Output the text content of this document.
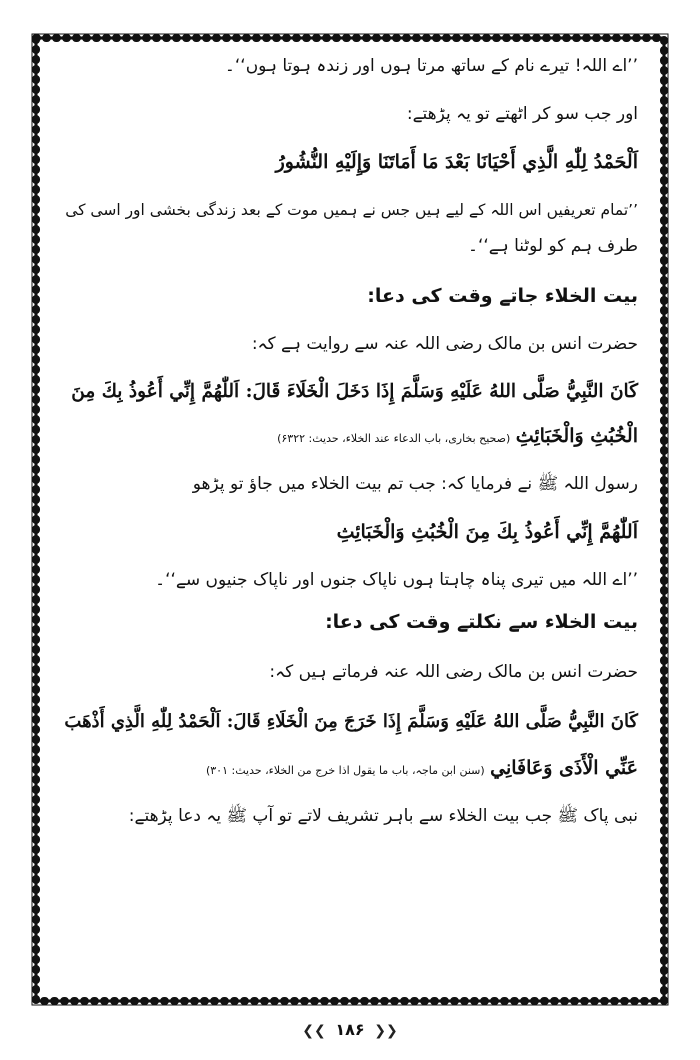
’’اے اللہ! تیرے نام کے ساتھ مرتا ہوں اور زندہ ہوتا ہوں‘‘۔
اور جب سو کر اٹھتے تو یہ پڑھتے:
اَلْحَمْدُ لِلّٰهِ الَّذِي أَحْيَانَا بَعْدَ مَا أَمَاتَنَا وَإِلَيْهِ النُّشُورُ
’’تمام تعریفیں اس اللہ کے لیے ہیں جس نے ہمیں موت کے بعد زندگی بخشی اور اسی کی
طرف ہم کو لوٹنا ہے‘‘۔
بیت الخلاء جاتے وقت کی دعا:
حضرت انس بن مالک رضی اللہ عنہ سے روایت ہے کہ:
كَانَ النَّبِيُّ صَلَّى اللهُ عَلَيْهِ وَسَلَّمَ إِذَا دَخَلَ الْخَلَاءَ قَالَ: اَللّٰهُمَّ إِنِّي أَعُوذُ بِكَ مِنَ
الْخُبُثِ وَالْخَبَائِثِ (صحیح بخاری، باب الدعاء عند الخلاء، حدیث: ۶۳۲۲)
رسول اللہ ﷺ نے فرمایا کہ: جب تم بیت الخلاء میں جاؤ تو پڑھو
اَللّٰهُمَّ إِنِّي أَعُوذُ بِكَ مِنَ الْخُبُثِ وَالْخَبَائِثِ
’’اے اللہ میں تیری پناہ چاہتا ہوں ناپاک جنوں اور ناپاک جنیوں سے‘‘۔
بیت الخلاء سے نکلتے وقت کی دعا:
حضرت انس بن مالک رضی اللہ عنہ فرماتے ہیں کہ:
كَانَ النَّبِيُّ صَلَّى اللهُ عَلَيْهِ وَسَلَّمَ إِذَا خَرَجَ مِنَ الْخَلَاءِ قَالَ: اَلْحَمْدُ لِلّٰهِ الَّذِي أَذْهَبَ
عَنِّي الْأَذَى وَعَافَانِي (سنن ابن ماجہ، باب ما يقول اذا خرج من الخلاء، حدیث: ۳۰۱)
نبی پاک ﷺ جب بیت الخلاء سے باہر تشریف لاتے تو آپ ﷺ یہ دعا پڑھتے:
❮❮ ۱۸۶ ❯❯
